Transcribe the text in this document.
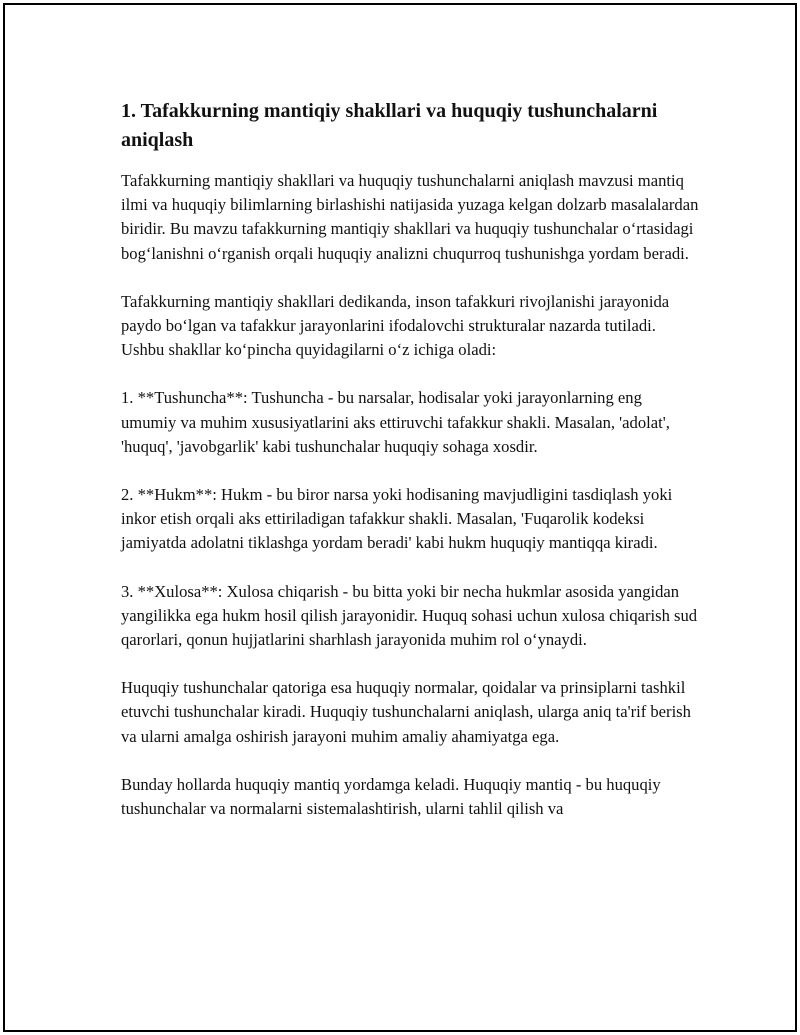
1. Tafakkurning mantiqiy shakllari va huquqiy tushunchalarni aniqlash

Tafakkurning mantiqiy shakllari va huquqiy tushunchalarni aniqlash mavzusi mantiq ilmi va huquqiy bilimlarning birlashishi natijasida yuzaga kelgan dolzarb masalalardan biridir. Bu mavzu tafakkurning mantiqiy shakllari va huquqiy tushunchalar o‘rtasidagi bog‘lanishni o‘rganish orqali huquqiy analizni chuqurroq tushunishga yordam beradi.

Tafakkurning mantiqiy shakllari dedikanda, inson tafakkuri rivojlanishi jarayonida paydo bo‘lgan va tafakkur jarayonlarini ifodalovchi strukturalar nazarda tutiladi. Ushbu shakllar ko‘pincha quyidagilarni o‘z ichiga oladi:

1. **Tushuncha**: Tushuncha - bu narsalar, hodisalar yoki jarayonlarning eng umumiy va muhim xususiyatlarini aks ettiruvchi tafakkur shakli. Masalan, 'adolat', 'huquq', 'javobgarlik' kabi tushunchalar huquqiy sohaga xosdir.

2. **Hukm**: Hukm - bu biror narsa yoki hodisaning mavjudligini tasdiqlash yoki inkor etish orqali aks ettiriladigan tafakkur shakli. Masalan, 'Fuqarolik kodeksi jamiyatda adolatni tiklashga yordam beradi' kabi hukm huquqiy mantiqqa kiradi.

3. **Xulosa**: Xulosa chiqarish - bu bitta yoki bir necha hukmlar asosida yangidan yangilikka ega hukm hosil qilish jarayonidir. Huquq sohasi uchun xulosa chiqarish sud qarorlari, qonun hujjatlarini sharhlash jarayonida muhim rol o‘ynaydi.

Huquqiy tushunchalar qatoriga esa huquqiy normalar, qoidalar va prinsiplarni tashkil etuvchi tushunchalar kiradi. Huquqiy tushunchalarni aniqlash, ularga aniq ta'rif berish va ularni amalga oshirish jarayoni muhim amaliy ahamiyatga ega.

Bunday hollarda huquqiy mantiq yordamga keladi. Huquqiy mantiq - bu huquqiy tushunchalar va normalarni sistemalashtirish, ularni tahlil qilish va
